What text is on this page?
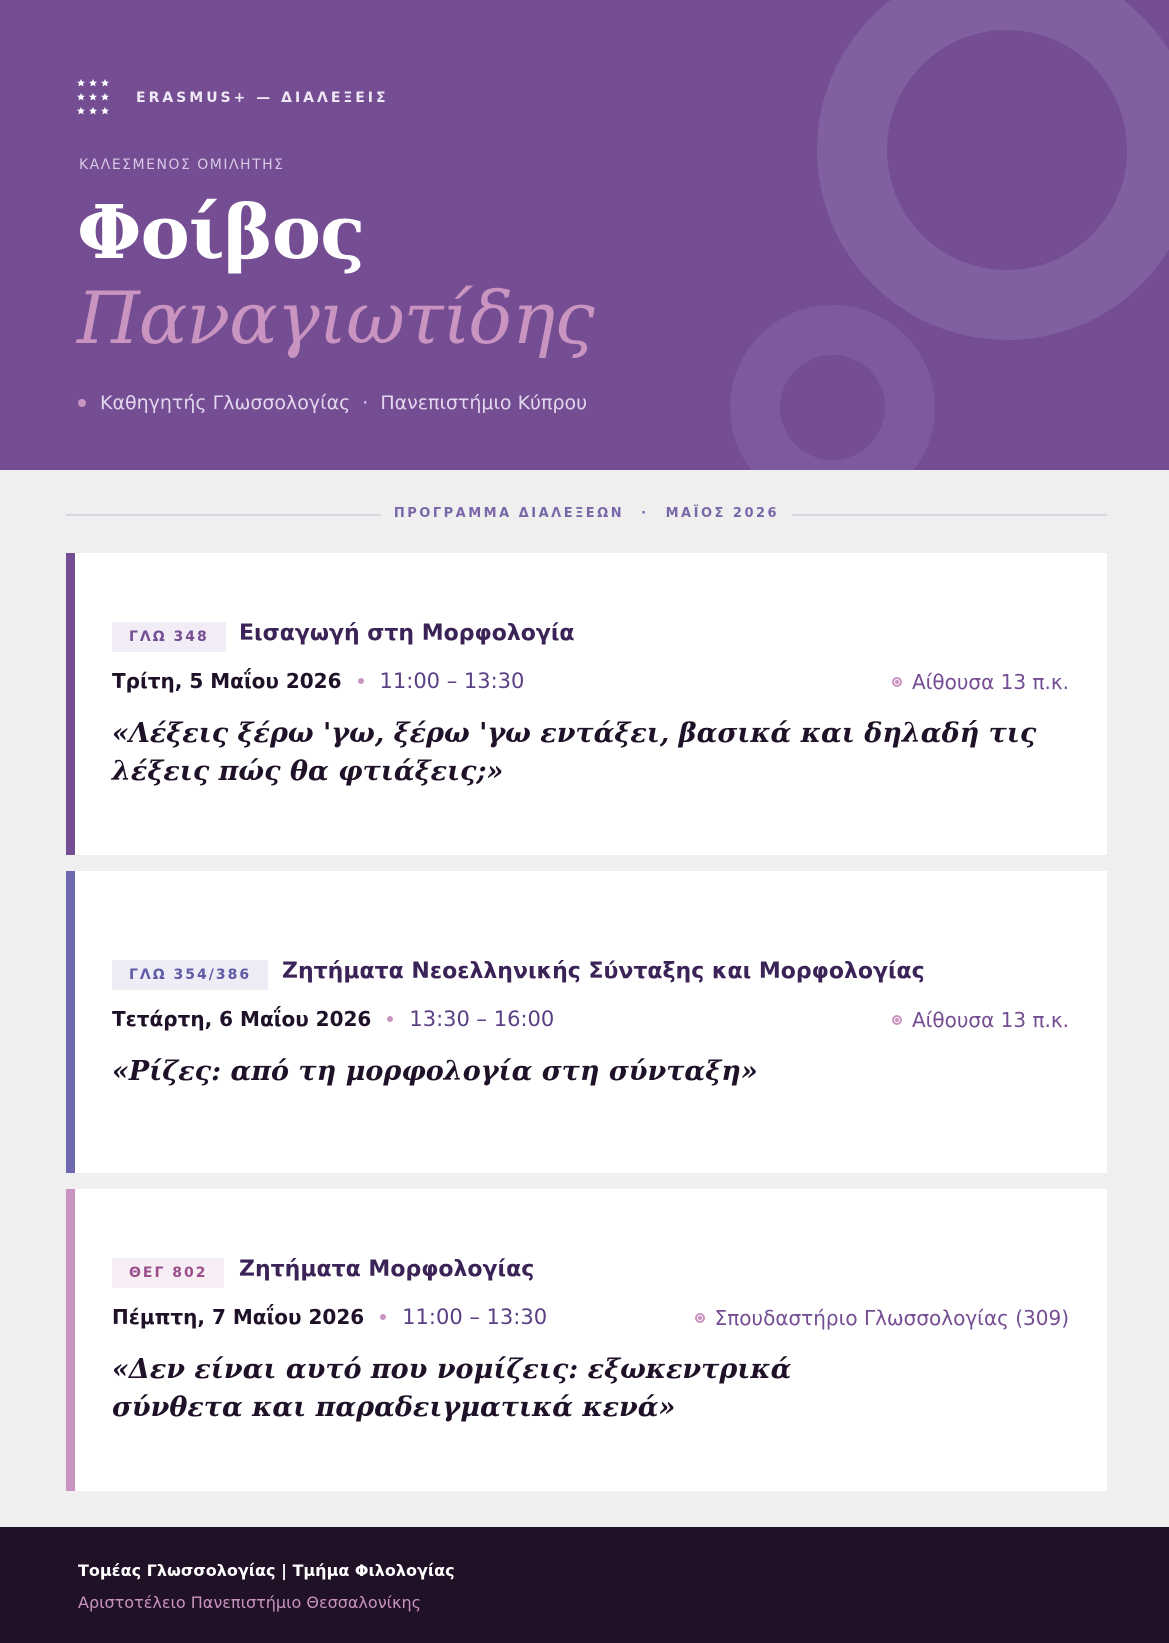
ERASMUS+ — ΔΙΑΛΕΞΕΙΣ
ΚΑΛΕΣΜΕΝΟΣ ΟΜΙΛΗΤΗΣ
Φοίβος
Παναγιωτίδης
Καθηγητής Γλωσσολογίας · Πανεπιστήμιο Κύπρου
ΠΡΟΓΡΑΜΜΑ ΔΙΑΛΕΞΕΩΝ · ΜΑΪΟΣ 2026
ΓΛΩ 348	Εισαγωγή στη Μορφολογία
Τρίτη, 5 Μαΐου 2026 11:00 – 13:30	Αίθουσα 13 π.κ.
«Λέξεις ξέρω 'γω, ξέρω 'γω εντάξει, βασικά και δηλαδή τις λέξεις πώς θα φτιάξεις;»
ΓΛΩ 354/386	Ζητήματα Νεοελληνικής Σύνταξης και Μορφολογίας
Τετάρτη, 6 Μαΐου 2026 13:30 – 16:00	Αίθουσα 13 π.κ.
«Ρίζες: από τη μορφολογία στη σύνταξη»
ΘΕΓ 802	Ζητήματα Μορφολογίας
Πέμπτη, 7 Μαΐου 2026 11:00 – 13:30	Σπουδαστήριο Γλωσσολογίας (309)
«Δεν είναι αυτό που νομίζεις: εξωκεντρικά σύνθετα και παραδειγματικά κενά»
Τομέας Γλωσσολογίας | Τμήμα Φιλολογίας
Αριστοτέλειο Πανεπιστήμιο Θεσσαλονίκης
